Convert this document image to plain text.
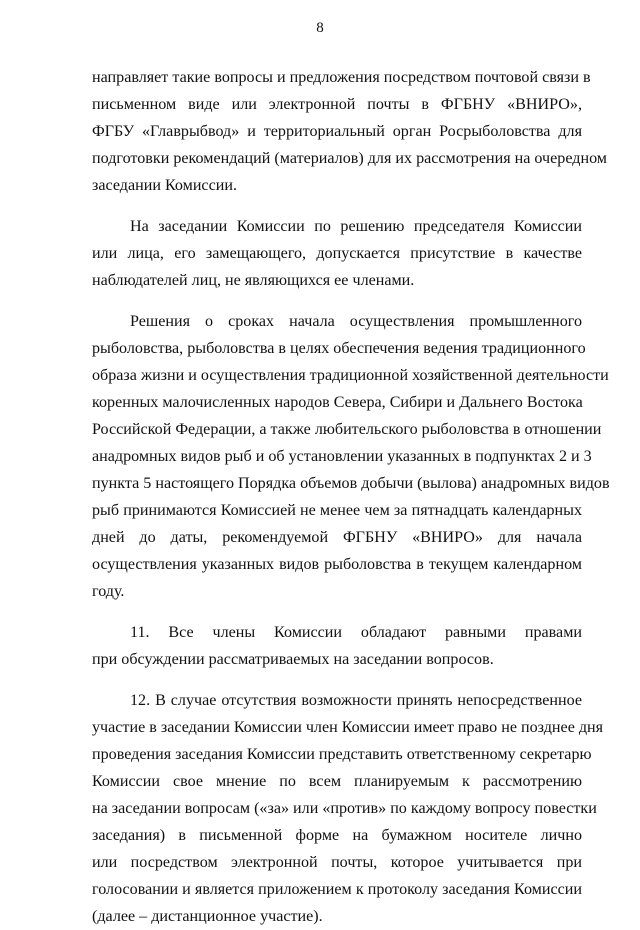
8
направляет такие вопросы и предложения посредством почтовой связи в
письменном виде или электронной почты в ФГБНУ «ВНИРО»,
ФГБУ «Главрыбвод» и территориальный орган Росрыболовства для
подготовки рекомендаций (материалов) для их рассмотрения на очередном
заседании Комиссии.
На заседании Комиссии по решению председателя Комиссии
или лица, его замещающего, допускается присутствие в качестве
наблюдателей лиц, не являющихся ее членами.
Решения о сроках начала осуществления промышленного
рыболовства, рыболовства в целях обеспечения ведения традиционного
образа жизни и осуществления традиционной хозяйственной деятельности
коренных малочисленных народов Севера, Сибири и Дальнего Востока
Российской Федерации, а также любительского рыболовства в отношении
анадромных видов рыб и об установлении указанных в подпунктах 2 и 3
пункта 5 настоящего Порядка объемов добычи (вылова) анадромных видов
рыб принимаются Комиссией не менее чем за пятнадцать календарных
дней до даты, рекомендуемой ФГБНУ «ВНИРО» для начала
осуществления указанных видов рыболовства в текущем календарном
году.
11. Все члены Комиссии обладают равными правами
при обсуждении рассматриваемых на заседании вопросов.
12. В случае отсутствия возможности принять непосредственное
участие в заседании Комиссии член Комиссии имеет право не позднее дня
проведения заседания Комиссии представить ответственному секретарю
Комиссии свое мнение по всем планируемым к рассмотрению
на заседании вопросам («за» или «против» по каждому вопросу повестки
заседания) в письменной форме на бумажном носителе лично
или посредством электронной почты, которое учитывается при
голосовании и является приложением к протоколу заседания Комиссии
(далее – дистанционное участие).
